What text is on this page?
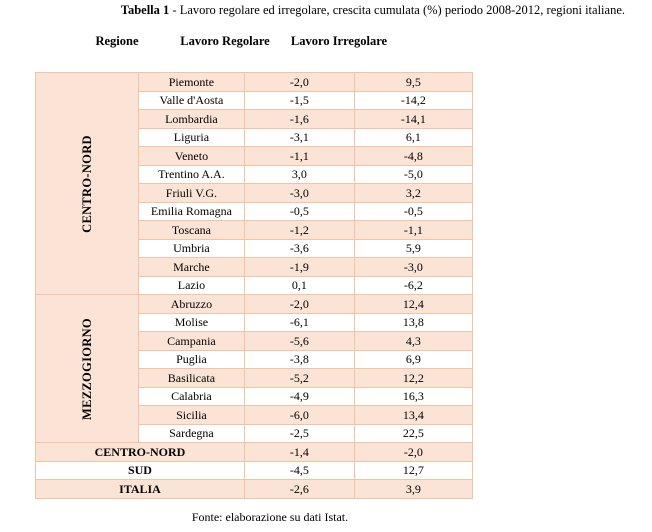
Tabella 1 - Lavoro regolare ed irregolare, crescita cumulata (%) periodo 2008-2012, regioni italiane.
Regione	Lavoro Regolare	Lavoro Irregolare
CENTRO-NORD	Piemonte	-2,0	9,5
	Valle d'Aosta	-1,5	-14,2
	Lombardia	-1,6	-14,1
	Liguria	-3,1	6,1
	Veneto	-1,1	-4,8
	Trentino A.A.	3,0	-5,0
	Friuli V.G.	-3,0	3,2
	Emilia Romagna	-0,5	-0,5
	Toscana	-1,2	-1,1
	Umbria	-3,6	5,9
	Marche	-1,9	-3,0
	Lazio	0,1	-6,2

MEZZOGIORNO	Abruzzo	-2,0	12,4
	Molise	-6,1	13,8
	Campania	-5,6	4,3
	Puglia	-3,8	6,9
	Basilicata	-5,2	12,2
	Calabria	-4,9	16,3
	Sicilia	-6,0	13,4
	Sardegna	-2,5	22,5
CENTRO-NORD		-1,4	-2,0
SUD		-4,5	12,7
ITALIA		-2,6	3,9
Fonte: elaborazione su dati Istat.
